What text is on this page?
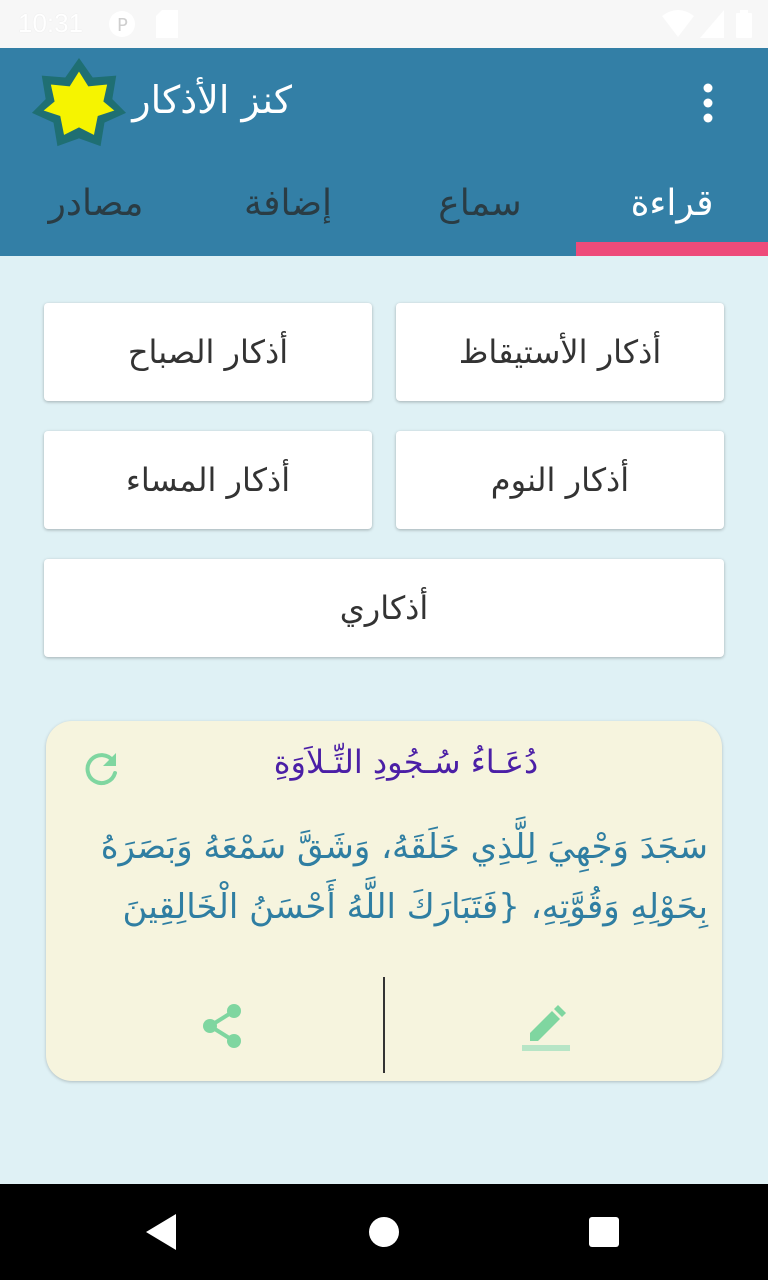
10:31 P
كنز الأذكار
قراءة
سماع
إضافة
مصادر
أذكار الأستيقاظ
أذكار الصباح
أذكار النوم
أذكار المساء
أذكاري
دُعَـاءُ سُـجُودِ التِّـلاَوَةِ
سَجَدَ وَجْهِيَ لِلَّذِي خَلَقَهُ، وَشَقَّ سَمْعَهُ وَبَصَرَهُ
بِحَوْلِهِ وَقُوَّتِهِ، {فَتَبَارَكَ اللَّهُ أَحْسَنُ الْخَالِقِينَ
